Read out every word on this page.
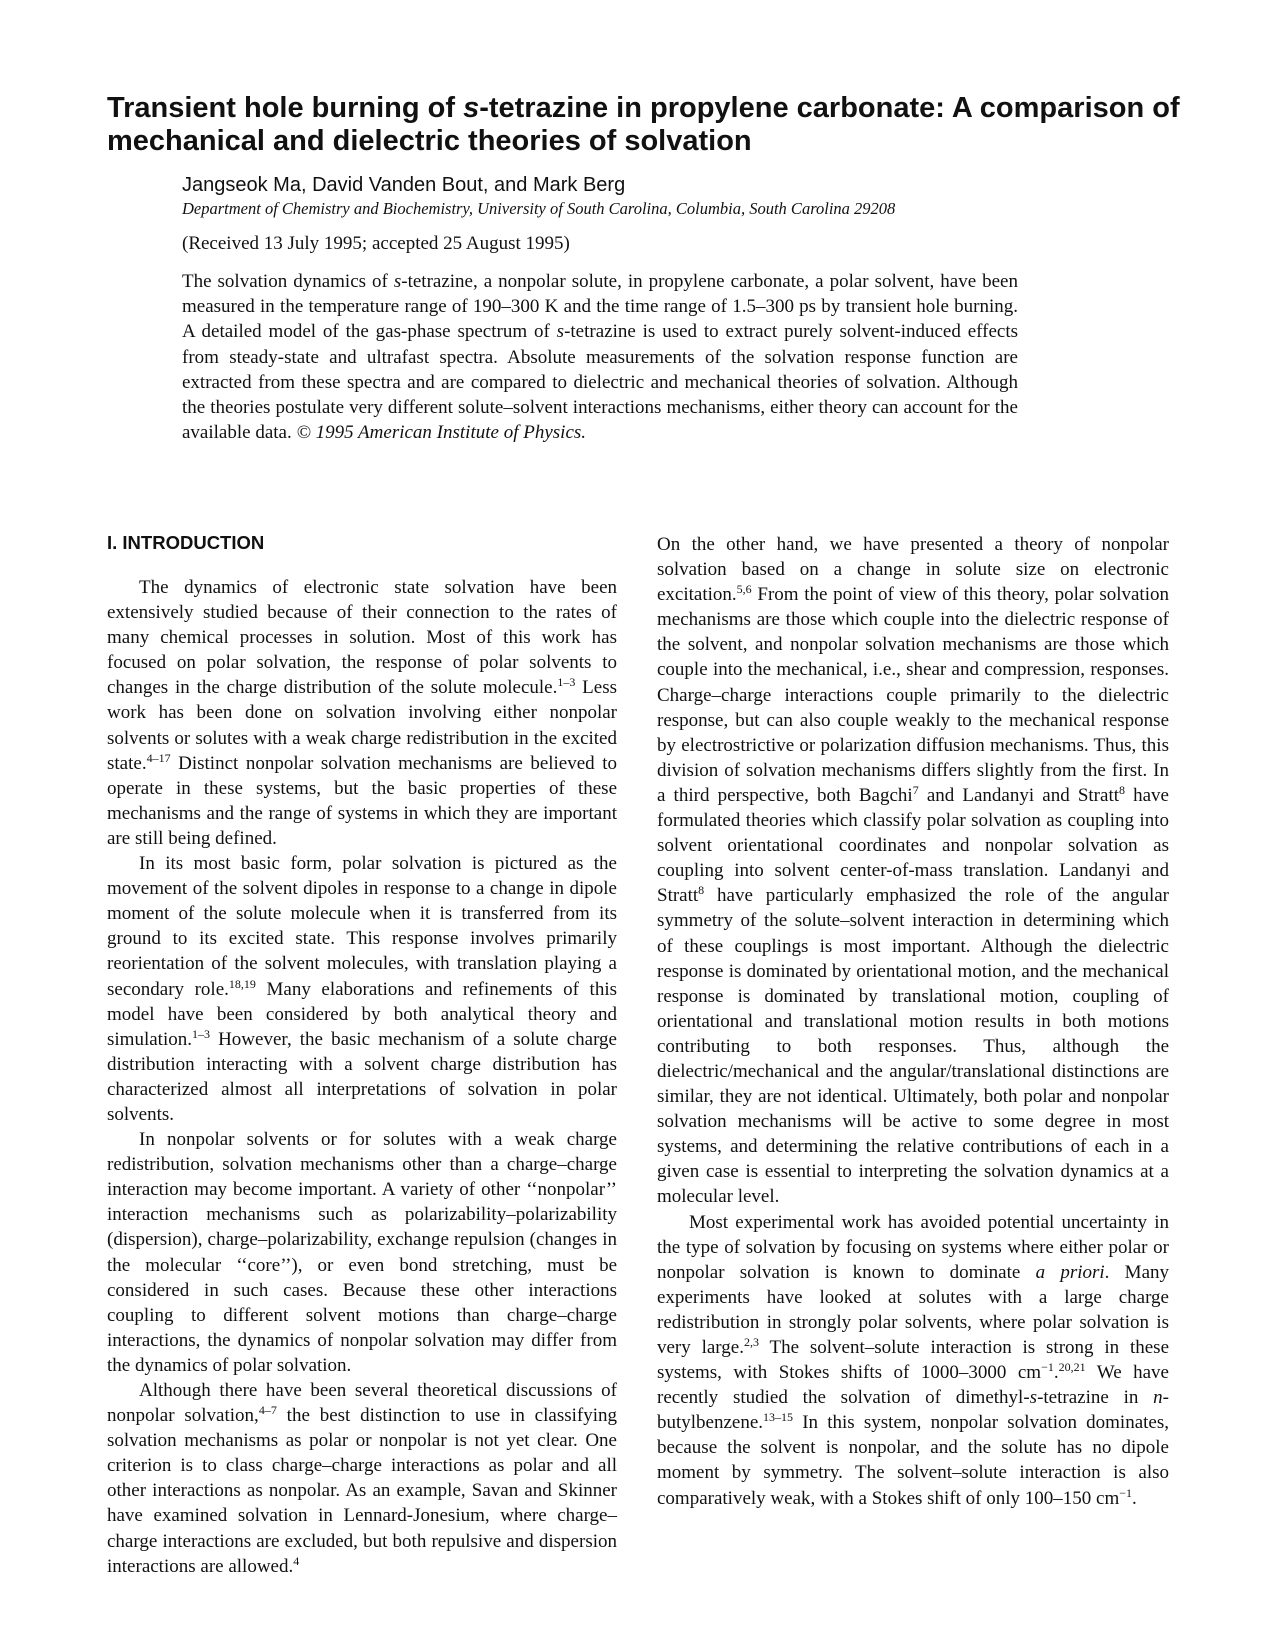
Transient hole burning of s-tetrazine in propylene carbonate: A comparison of mechanical and dielectric theories of solvation
Jangseok Ma, David Vanden Bout, and Mark Berg
Department of Chemistry and Biochemistry, University of South Carolina, Columbia, South Carolina 29208
(Received 13 July 1995; accepted 25 August 1995)

The solvation dynamics of s-tetrazine, a nonpolar solute, in propylene carbonate, a polar solvent, have been measured in the temperature range of 190–300 K and the time range of 1.5–300 ps by transient hole burning. A detailed model of the gas-phase spectrum of s-tetrazine is used to extract purely solvent-induced effects from steady-state and ultrafast spectra. Absolute measurements of the solvation response function are extracted from these spectra and are compared to dielectric and mechanical theories of solvation. Although the theories postulate very different solute–solvent interactions mechanisms, either theory can account for the available data. © 1995 American Institute of Physics.

I. INTRODUCTION

The dynamics of electronic state solvation have been extensively studied because of their connection to the rates of many chemical processes in solution. Most of this work has focused on polar solvation, the response of polar solvents to changes in the charge distribution of the solute molecule.$^{1-3}$ Less work has been done on solvation involving either nonpolar solvents or solutes with a weak charge redistribution in the excited state.$^{4-17}$ Distinct nonpolar solvation mechanisms are believed to operate in these systems, but the basic properties of these mechanisms and the range of systems in which they are important are still being defined.

In its most basic form, polar solvation is pictured as the movement of the solvent dipoles in response to a change in dipole moment of the solute molecule when it is transferred from its ground to its excited state. This response involves primarily reorientation of the solvent molecules, with translation playing a secondary role.$^{18,19}$ Many elaborations and refinements of this model have been considered by both analytical theory and simulation.$^{1-3}$ However, the basic mechanism of a solute charge distribution interacting with a solvent charge distribution has characterized almost all interpretations of solvation in polar solvents.

In nonpolar solvents or for solutes with a weak charge redistribution, solvation mechanisms other than a charge–charge interaction may become important. A variety of other ‘‘nonpolar’’ interaction mechanisms such as polarizability–polarizability (dispersion), charge–polarizability, exchange repulsion (changes in the molecular ‘‘core’’), or even bond stretching, must be considered in such cases. Because these other interactions coupling to different solvent motions than charge–charge interactions, the dynamics of nonpolar solvation may differ from the dynamics of polar solvation.

Although there have been several theoretical discussions of nonpolar solvation,$^{4-7}$ the best distinction to use in classifying solvation mechanisms as polar or nonpolar is not yet clear. One criterion is to class charge–charge interactions as polar and all other interactions as nonpolar. As an example, Savan and Skinner have examined solvation in Lennard-Jonesium, where charge–charge interactions are excluded, but both repulsive and dispersion interactions are allowed.$^4$

On the other hand, we have presented a theory of nonpolar solvation based on a change in solute size on electronic excitation.$^{5,6}$ From the point of view of this theory, polar solvation mechanisms are those which couple into the dielectric response of the solvent, and nonpolar solvation mechanisms are those which couple into the mechanical, i.e., shear and compression, responses. Charge–charge interactions couple primarily to the dielectric response, but can also couple weakly to the mechanical response by electrostrictive or polarization diffusion mechanisms. Thus, this division of solvation mechanisms differs slightly from the first. In a third perspective, both Bagchi$^7$ and Landanyi and Stratt$^8$ have formulated theories which classify polar solvation as coupling into solvent orientational coordinates and nonpolar solvation as coupling into solvent center-of-mass translation. Landanyi and Stratt$^8$ have particularly emphasized the role of the angular symmetry of the solute–solvent interaction in determining which of these couplings is most important. Although the dielectric response is dominated by orientational motion, and the mechanical response is dominated by translational motion, coupling of orientational and translational motion results in both motions contributing to both responses. Thus, although the dielectric/mechanical and the angular/translational distinctions are similar, they are not identical. Ultimately, both polar and nonpolar solvation mechanisms will be active to some degree in most systems, and determining the relative contributions of each in a given case is essential to interpreting the solvation dynamics at a molecular level.

Most experimental work has avoided potential uncertainty in the type of solvation by focusing on systems where either polar or nonpolar solvation is known to dominate a priori. Many experiments have looked at solutes with a large charge redistribution in strongly polar solvents, where polar solvation is very large.$^{2,3}$ The solvent–solute interaction is strong in these systems, with Stokes shifts of 1000–3000 $cm^{-1}.^{20,21}$ We have recently studied the solvation of dimethyl-s-tetrazine in n-butylbenzene.$^{13-15}$ In this system, nonpolar solvation dominates, because the solvent is nonpolar, and the solute has no dipole moment by symmetry. The solvent–solute interaction is also comparatively weak, with a Stokes shift of only 100–150 $cm^{-1}$.
